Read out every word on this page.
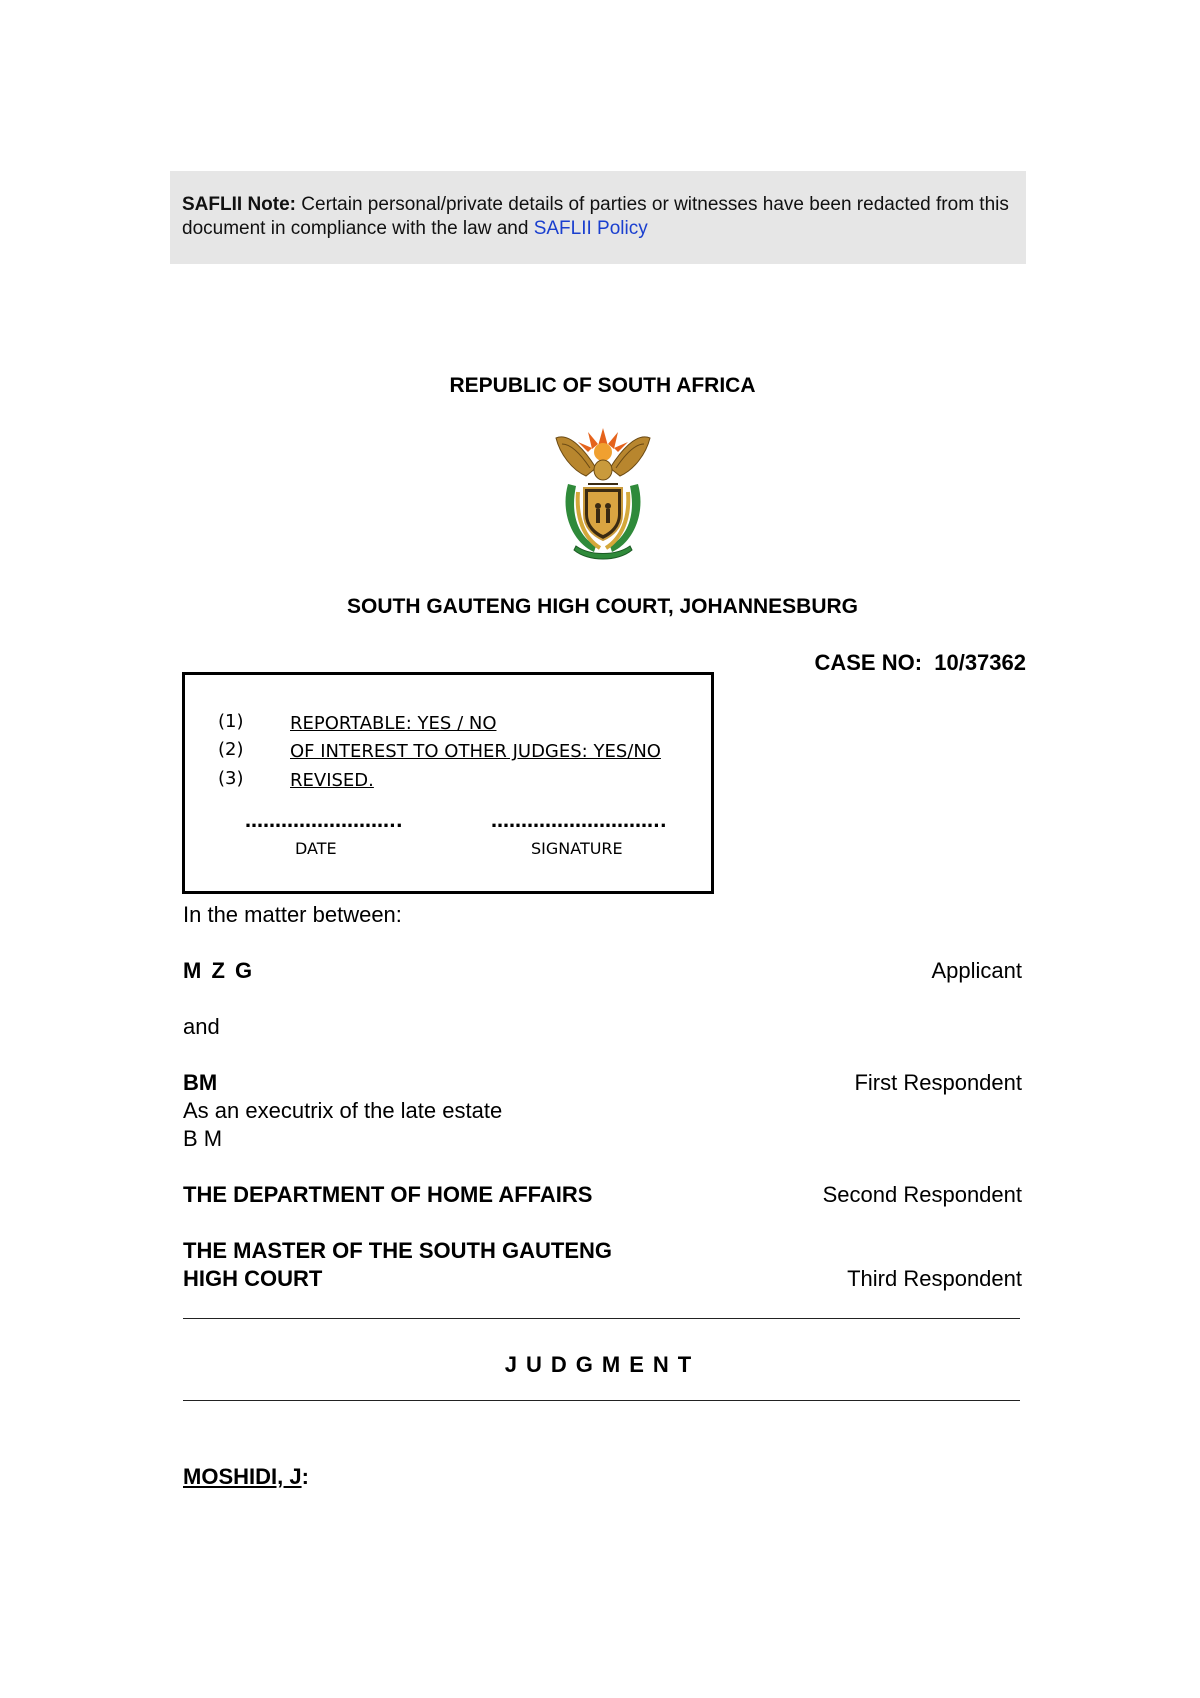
SAFLII Note: Certain personal/private details of parties or witnesses have been redacted from this document in compliance with the law and SAFLII Policy
REPUBLIC OF SOUTH AFRICA
SOUTH GAUTENG HIGH COURT, JOHANNESBURG
CASE NO:  10/37362
(1)	REPORTABLE: YES / NO
(2)	OF INTEREST TO OTHER JUDGES: YES/NO
(3)	REVISED.
……………………..	………………………..
DATE	SIGNATURE
In the matter between:
M Z G	Applicant
and
BM	First Respondent
As an executrix of the late estate
B M
THE DEPARTMENT OF HOME AFFAIRS	Second Respondent
THE MASTER OF THE SOUTH GAUTENG
HIGH COURT	Third Respondent
JUDGMENT
MOSHIDI, J:
